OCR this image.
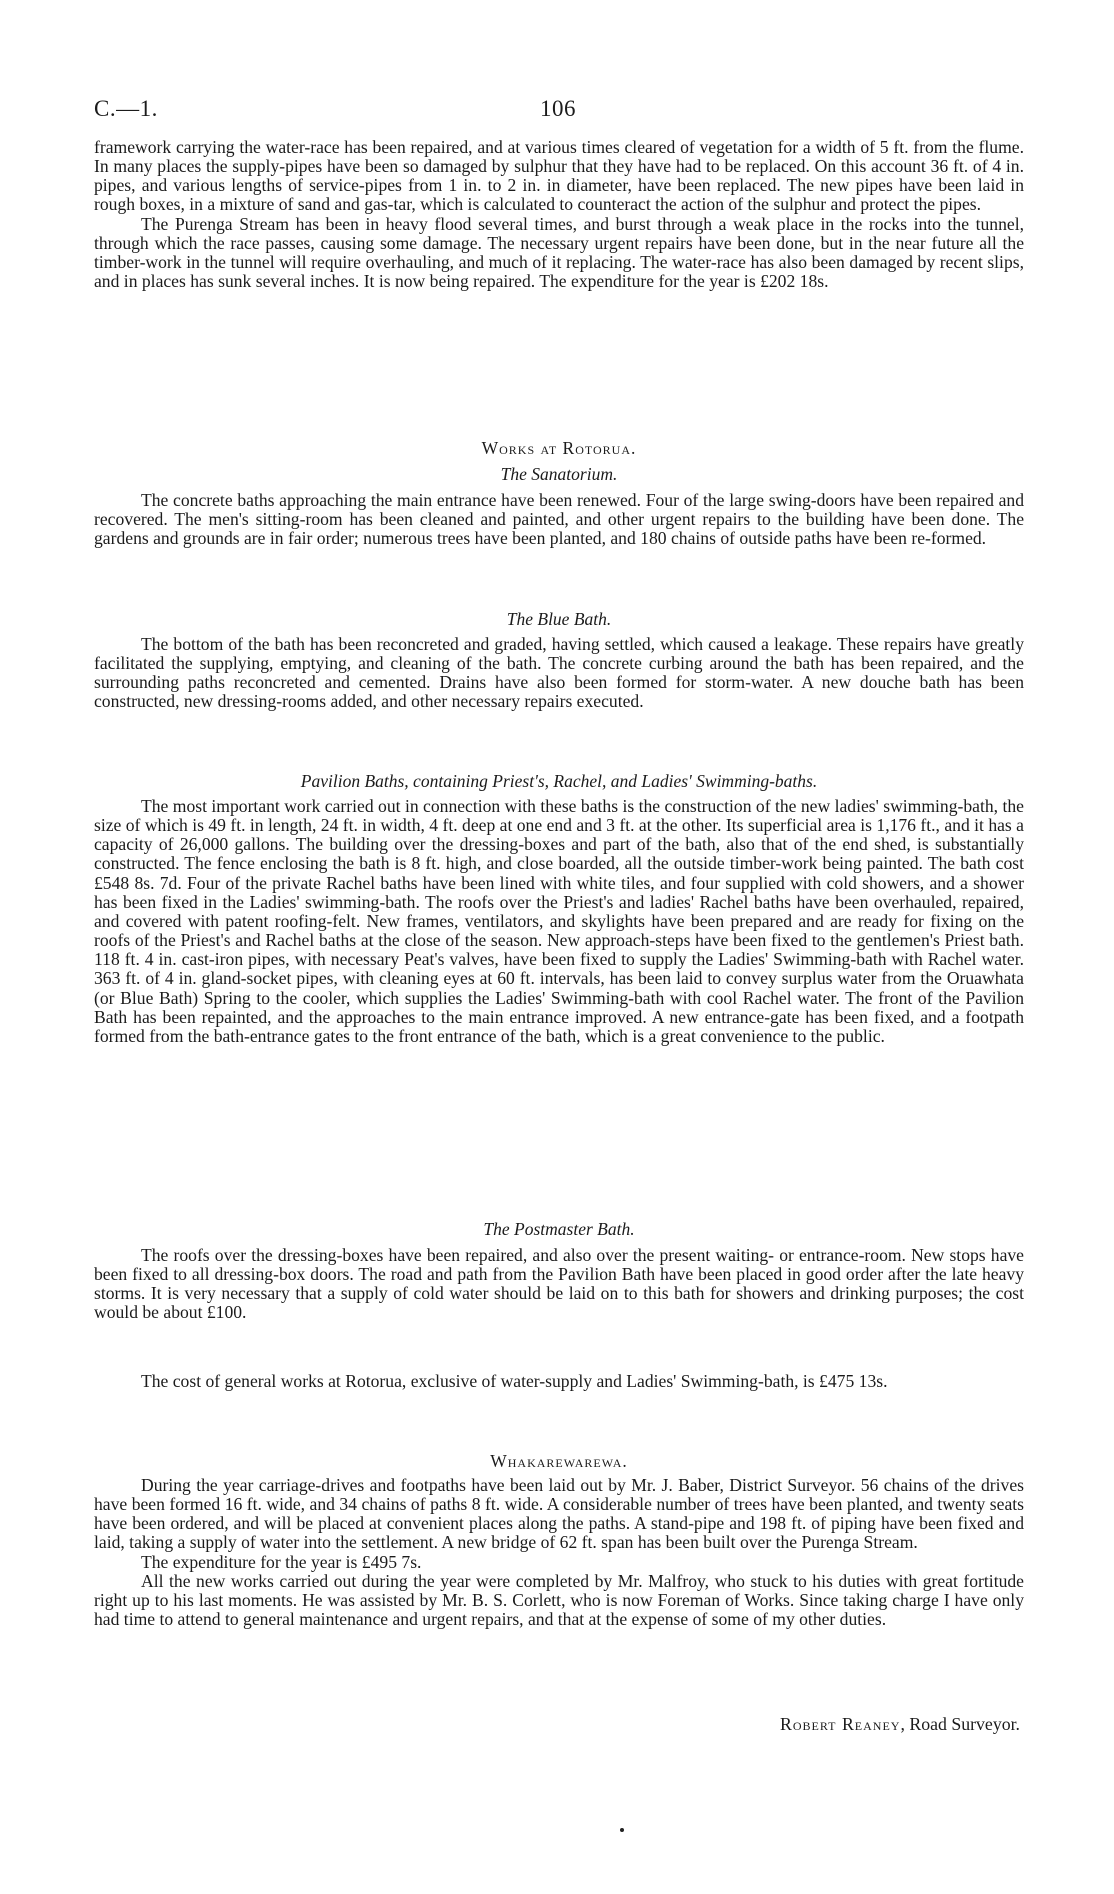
C.—1.	106

framework carrying the water-race has been repaired, and at various times cleared of vegetation for a width of 5 ft. from the flume. In many places the supply-pipes have been so damaged by sulphur that they have had to be replaced. On this account 36 ft. of 4 in. pipes, and various lengths of service-pipes from 1 in. to 2 in. in diameter, have been replaced. The new pipes have been laid in rough boxes, in a mixture of sand and gas-tar, which is calculated to counteract the action of the sulphur and protect the pipes.

The Purenga Stream has been in heavy flood several times, and burst through a weak place in the rocks into the tunnel, through which the race passes, causing some damage. The necessary urgent repairs have been done, but in the near future all the timber-work in the tunnel will require overhauling, and much of it replacing. The water-race has also been damaged by recent slips, and in places has sunk several inches. It is now being repaired. The expenditure for the year is £202 18s.

Works at Rotorua.
The Sanatorium.

The concrete baths approaching the main entrance have been renewed. Four of the large swing-doors have been repaired and recovered. The men's sitting-room has been cleaned and painted, and other urgent repairs to the building have been done. The gardens and grounds are in fair order; numerous trees have been planted, and 180 chains of outside paths have been re-formed.

The Blue Bath.

The bottom of the bath has been reconcreted and graded, having settled, which caused a leakage. These repairs have greatly facilitated the supplying, emptying, and cleaning of the bath. The concrete curbing around the bath has been repaired, and the surrounding paths reconcreted and cemented. Drains have also been formed for storm-water. A new douche bath has been constructed, new dressing-rooms added, and other necessary repairs executed.

Pavilion Baths, containing Priest's, Rachel, and Ladies' Swimming-baths.

The most important work carried out in connection with these baths is the construction of the new ladies' swimming-bath, the size of which is 49 ft. in length, 24 ft. in width, 4 ft. deep at one end and 3 ft. at the other. Its superficial area is 1,176 ft., and it has a capacity of 26,000 gallons. The building over the dressing-boxes and part of the bath, also that of the end shed, is substantially constructed. The fence enclosing the bath is 8 ft. high, and close boarded, all the outside timber-work being painted. The bath cost £548 8s. 7d. Four of the private Rachel baths have been lined with white tiles, and four supplied with cold showers, and a shower has been fixed in the Ladies' swimming-bath. The roofs over the Priest's and ladies' Rachel baths have been overhauled, repaired, and covered with patent roofing-felt. New frames, ventilators, and skylights have been prepared and are ready for fixing on the roofs of the Priest's and Rachel baths at the close of the season. New approach-steps have been fixed to the gentlemen's Priest bath. 118 ft. 4 in. cast-iron pipes, with necessary Peat's valves, have been fixed to supply the Ladies' Swimming-bath with Rachel water. 363 ft. of 4 in. gland-socket pipes, with cleaning eyes at 60 ft. intervals, has been laid to convey surplus water from the Oruawhata (or Blue Bath) Spring to the cooler, which supplies the Ladies' Swimming-bath with cool Rachel water. The front of the Pavilion Bath has been repainted, and the approaches to the main entrance improved. A new entrance-gate has been fixed, and a footpath formed from the bath-entrance gates to the front entrance of the bath, which is a great convenience to the public.

The Postmaster Bath.

The roofs over the dressing-boxes have been repaired, and also over the present waiting- or entrance-room. New stops have been fixed to all dressing-box doors. The road and path from the Pavilion Bath have been placed in good order after the late heavy storms. It is very necessary that a supply of cold water should be laid on to this bath for showers and drinking purposes; the cost would be about £100.

The cost of general works at Rotorua, exclusive of water-supply and Ladies' Swimming-bath, is £475 13s.

Whakarewarewa.

During the year carriage-drives and footpaths have been laid out by Mr. J. Baber, District Surveyor. 56 chains of the drives have been formed 16 ft. wide, and 34 chains of paths 8 ft. wide. A considerable number of trees have been planted, and twenty seats have been ordered, and will be placed at convenient places along the paths. A stand-pipe and 198 ft. of piping have been fixed and laid, taking a supply of water into the settlement. A new bridge of 62 ft. span has been built over the Purenga Stream.

The expenditure for the year is £495 7s.

All the new works carried out during the year were completed by Mr. Malfroy, who stuck to his duties with great fortitude right up to his last moments. He was assisted by Mr. B. S. Corlett, who is now Foreman of Works. Since taking charge I have only had time to attend to general maintenance and urgent repairs, and that at the expense of some of my other duties.

Robert Reaney, Road Surveyor.
